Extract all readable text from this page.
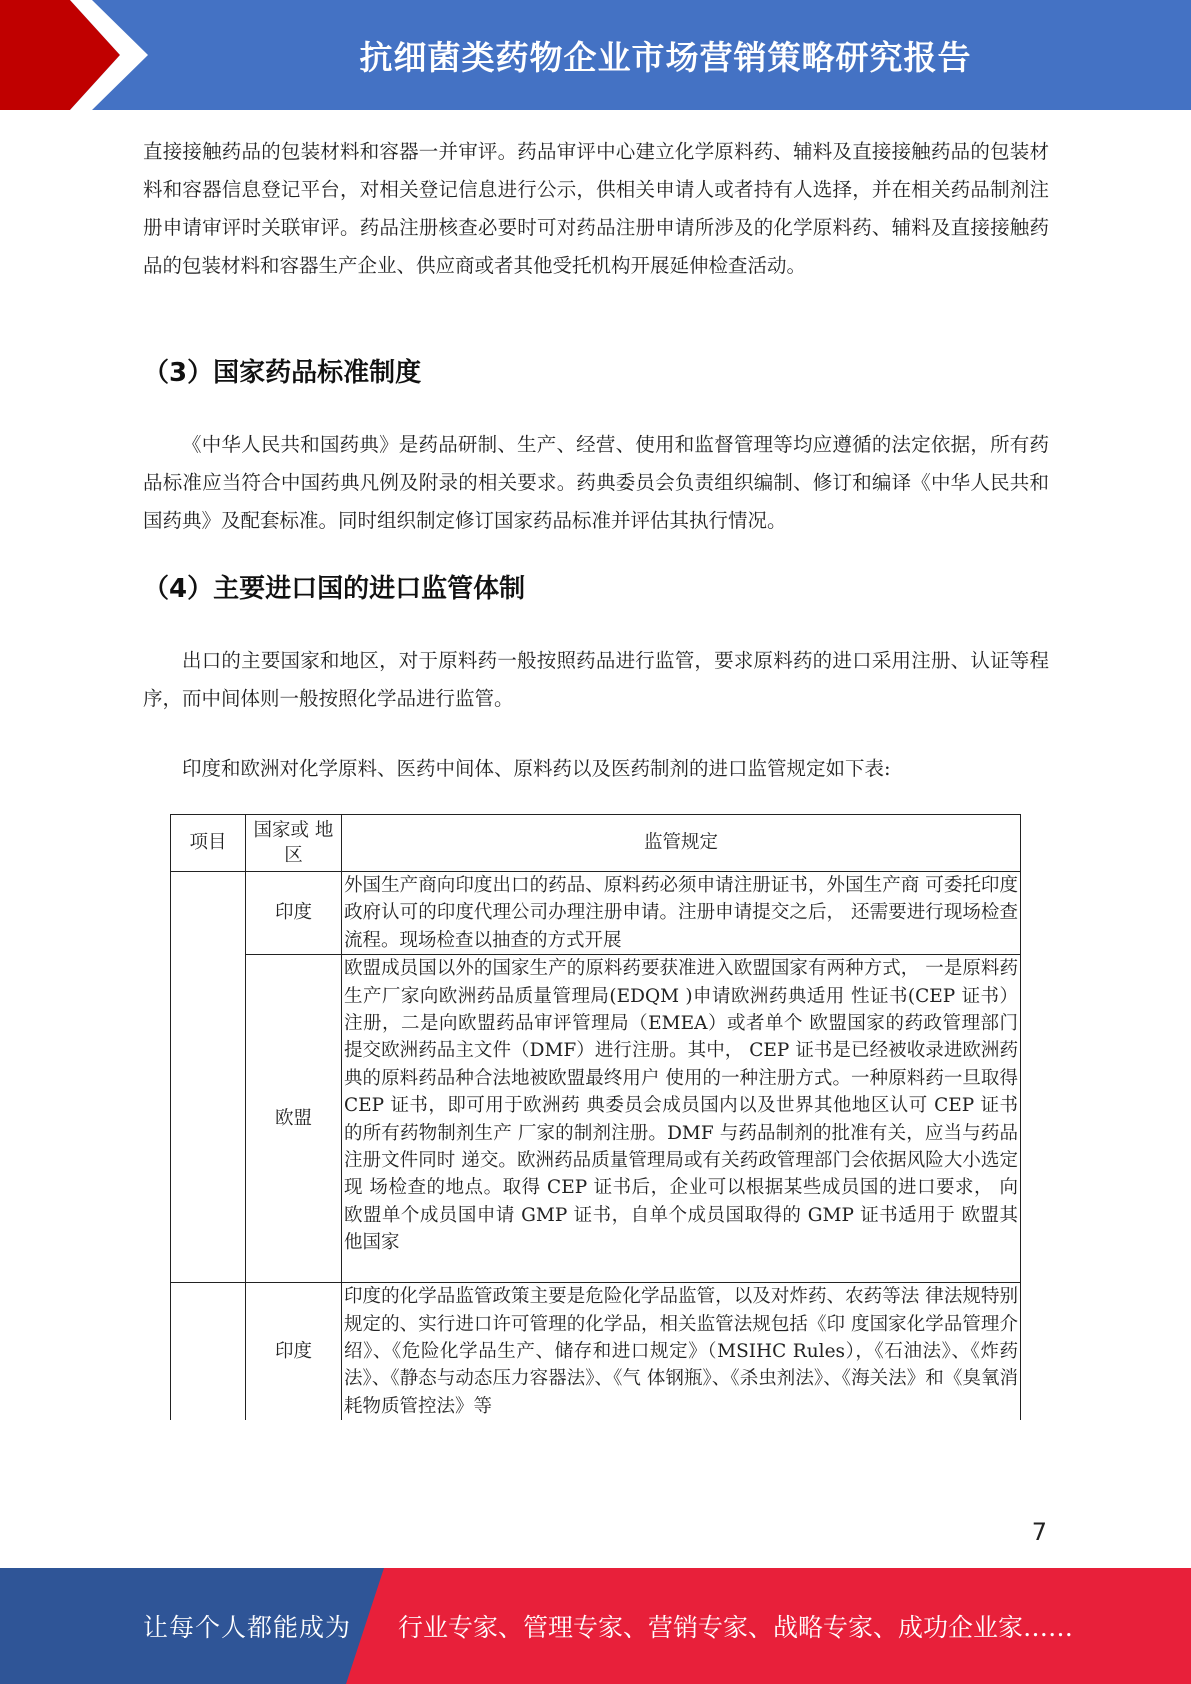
抗细菌类药物企业市场营销策略研究报告
直接接触药品的包装材料和容器一并审评。药品审评中心建立化学原料药、辅料及直接接触药品的包装材料和容器信息登记平台，对相关登记信息进行公示，供相关申请人或者持有人选择，并在相关药品制剂注册申请审评时关联审评。药品注册核查必要时可对药品注册申请所涉及的化学原料药、辅料及直接接触药品的包装材料和容器生产企业、供应商或者其他受托机构开展延伸检查活动。
（3）国家药品标准制度
《中华人民共和国药典》是药品研制、生产、经营、使用和监督管理等均应遵循的法定依据，所有药品标准应当符合中国药典凡例及附录的相关要求。药典委员会负责组织编制、修订和编译《中华人民共和国药典》及配套标准。同时组织制定修订国家药品标准并评估其执行情况。
（4）主要进口国的进口监管体制
出口的主要国家和地区，对于原料药一般按照药品进行监管，要求原料药的进口采用注册、认证等程序，而中间体则一般按照化学品进行监管。
印度和欧洲对化学原料、医药中间体、原料药以及医药制剂的进口监管规定如下表:
项目	国家或 地区	监管规定
	印度	外国生产商向印度出口的药品、原料药必须申请注册证书，外国生产商 可委托印度政府认可的印度代理公司办理注册申请。注册申请提交之后， 还需要进行现场检查流程。现场检查以抽查的方式开展
	欧盟	欧盟成员国以外的国家生产的原料药要获准进入欧盟国家有两种方式， 一是原料药生产厂家向欧洲药品质量管理局(EDQM )申请欧洲药典适用 性证书(CEP 证书）注册，二是向欧盟药品审评管理局（EMEA）或者单个 欧盟国家的药政管理部门提交欧洲药品主文件（DMF）进行注册。其中， CEP 证书是已经被收录进欧洲药典的原料药品种合法地被欧盟最终用户 使用的一种注册方式。一种原料药一旦取得 CEP 证书，即可用于欧洲药 典委员会成员国内以及世界其他地区认可 CEP 证书的所有药物制剂生产 厂家的制剂注册。DMF 与药品制剂的批准有关，应当与药品注册文件同时 递交。欧洲药品质量管理局或有关药政管理部门会依据风险大小选定现 场检查的地点。取得 CEP 证书后，企业可以根据某些成员国的进口要求， 向欧盟单个成员国申请 GMP 证书，自单个成员国取得的 GMP 证书适用于 欧盟其他国家
	印度	印度的化学品监管政策主要是危险化学品监管，以及对炸药、农药等法 律法规特别规定的、实行进口许可管理的化学品，相关监管法规包括《印 度国家化学品管理介绍》、《危险化学品生产、储存和进口规定》（MSIHC Rules），《石油法》、《炸药法》、《静态与动态压力容器法》、《气 体钢瓶》、《杀虫剂法》、《海关法》和《臭氧消耗物质管控法》等
7
让每个人都能成为 行业专家、管理专家、营销专家、战略专家、成功企业家……
